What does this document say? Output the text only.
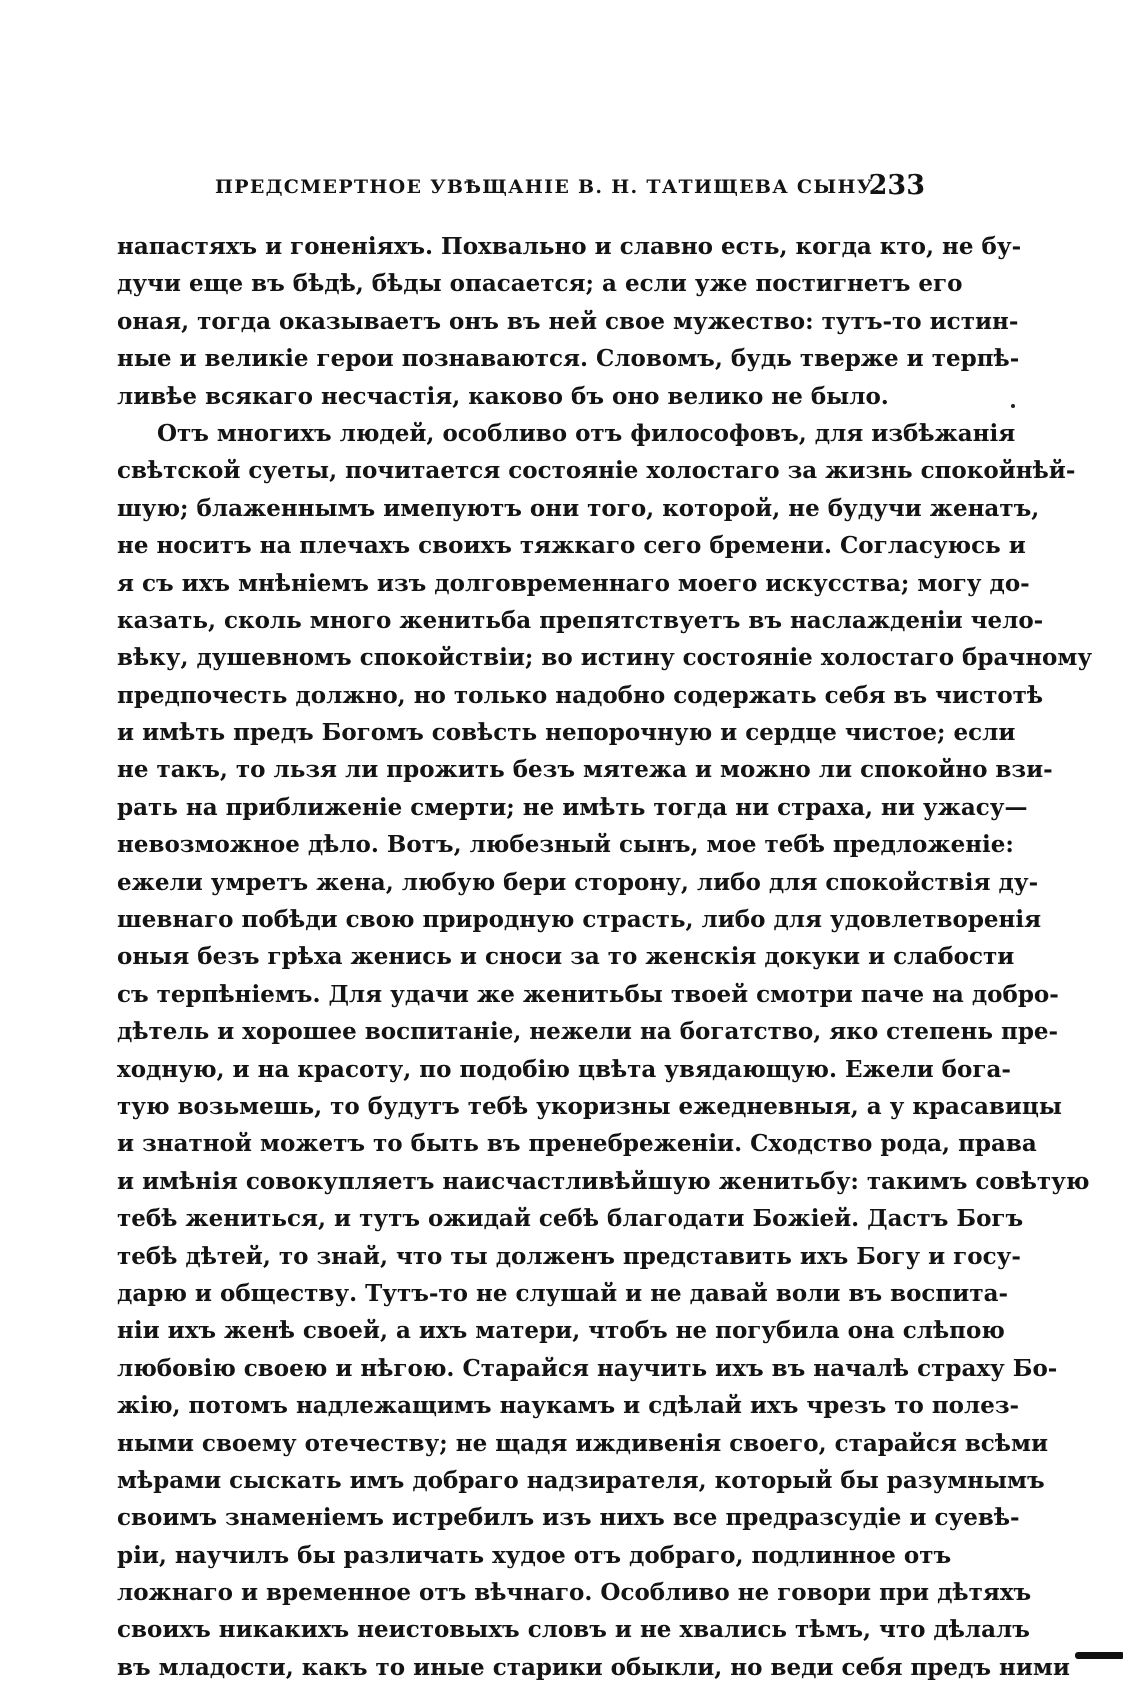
ПРЕДСМЕРТНОЕ УВѢЩАНІЕ В. Н. ТАТИЩЕВА СЫНУ.
233
напастяхъ и гоненіяхъ. Похвально и славно есть, когда кто, не бу-
дучи еще въ бѣдѣ, бѣды опасается; а если уже постигнетъ его
оная, тогда оказываетъ онъ въ ней свое мужество: тутъ-то истин-
ные и великіе герои познаваются. Словомъ, будь тверже и терпѣ-
ливѣе всякаго несчастія, каково бъ оно велико не было.
Отъ многихъ людей, особливо отъ философовъ, для избѣжанія
свѣтской суеты, почитается состояніе холостаго за жизнь спокойнѣй-
шую; блаженнымъ имепуютъ они того, которой, не будучи женатъ,
не носитъ на плечахъ своихъ тяжкаго сего бремени. Согласуюсь и
я съ ихъ мнѣніемъ изъ долговременнаго моего искусства; могу до-
казать, сколь много женитьба препятствуетъ въ наслажденіи чело-
вѣку, душевномъ спокойствіи; во истину состояніе холостаго брачному
предпочесть должно, но только надобно содержать себя въ чистотѣ
и имѣть предъ Богомъ совѣсть непорочную и сердце чистое; если
не такъ, то льзя ли прожить безъ мятежа и можно ли спокойно взи-
рать на приближеніе смерти; не имѣть тогда ни страха, ни ужасу—
невозможное дѣло. Вотъ, любезный сынъ, мое тебѣ предложеніе:
ежели умретъ жена, любую бери сторону, либо для спокойствія ду-
шевнаго побѣди свою природную страсть, либо для удовлетворенія
оныя безъ грѣха женись и сноси за то женскія докуки и слабости
съ терпѣніемъ. Для удачи же женитьбы твоей смотри паче на добро-
дѣтель и хорошее воспитаніе, нежели на богатство, яко степень пре-
ходную, и на красоту, по подобію цвѣта увядающую. Ежели бога-
тую возьмешь, то будутъ тебѣ укоризны ежедневныя, а у красавицы
и знатной можетъ то быть въ пренебреженіи. Сходство рода, права
и имѣнія совокупляетъ наисчастливѣйшую женитьбу: такимъ совѣтую
тебѣ жениться, и тутъ ожидай себѣ благодати Божіей. Дастъ Богъ
тебѣ дѣтей, то знай, что ты долженъ представить ихъ Богу и госу-
дарю и обществу. Тутъ-то не слушай и не давай воли въ воспита-
ніи ихъ женѣ своей, а ихъ матери, чтобъ не погубила она слѣпою
любовію своею и нѣгою. Старайся научить ихъ въ началѣ страху Бо-
жію, потомъ надлежащимъ наукамъ и сдѣлай ихъ чрезъ то полез-
ными своему отечеству; не щадя иждивенія своего, старайся всѣми
мѣрами сыскать имъ добраго надзирателя, который бы разумнымъ
своимъ знаменіемъ истребилъ изъ нихъ все предразсудіе и суевѣ-
ріи, научилъ бы различать худое отъ добраго, подлинное отъ
ложнаго и временное отъ вѣчнаго. Особливо не говори при дѣтяхъ
своихъ никакихъ неистовыхъ словъ и не хвались тѣмъ, что дѣлалъ
въ младости, какъ то иные старики обыкли, но веди себя предъ ними
